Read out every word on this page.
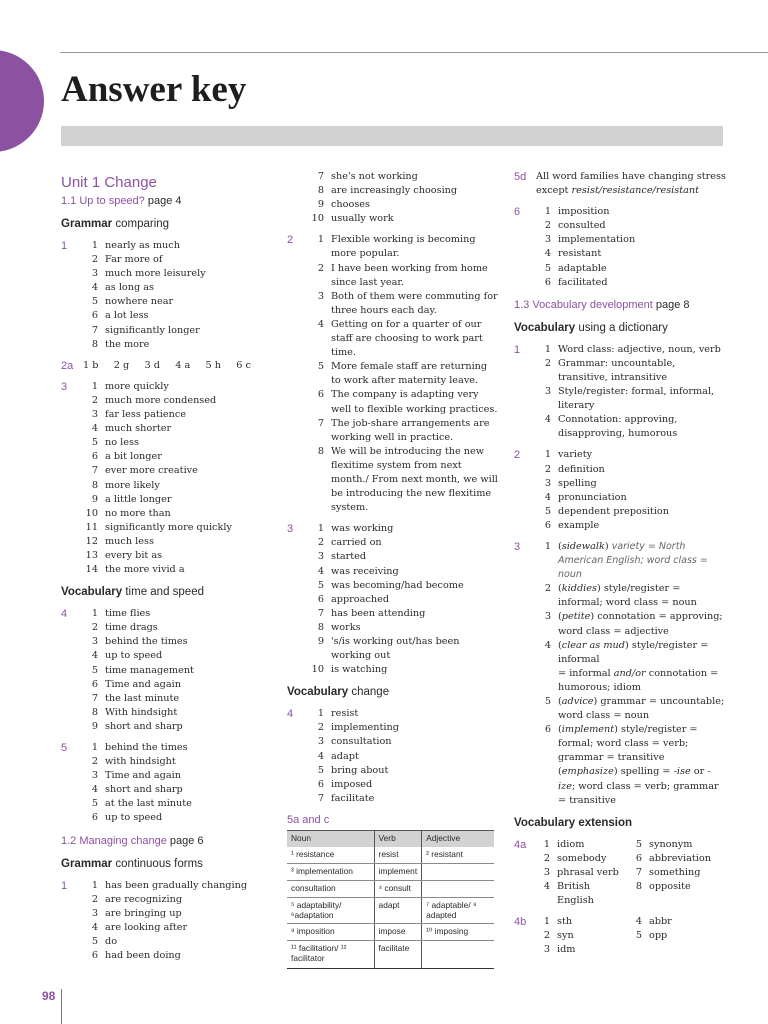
Answer key
Unit 1 Change
1.1 Up to speed? page 4
Grammar comparing
1	1 nearly as much
2 Far more of
3 much more leisurely
4 as long as
5 nowhere near
6 a lot less
7 significantly longer
8 the more
2a	1 b 2 g 3 d 4 a 5 h 6 c
3	1 more quickly
2 much more condensed
3 far less patience
4 much shorter
5 no less
6 a bit longer
7 ever more creative
8 more likely
9 a little longer
10 no more than
11 significantly more quickly
12 much less
13 every bit as
14 the more vivid a
Vocabulary time and speed
4	1 time flies
2 time drags
3 behind the times
4 up to speed
5 time management
6 Time and again
7 the last minute
8 With hindsight
9 short and sharp
5	1 behind the times
2 with hindsight
3 Time and again
4 short and sharp
5 at the last minute
6 up to speed
1.2 Managing change page 6
Grammar continuous forms
1	1 has been gradually changing
2 are recognizing
3 are bringing up
4 are looking after
5 do
6 had been doing
7 she's not working
8 are increasingly choosing
9 chooses
10 usually work
2	1 Flexible working is becoming more popular.
2 I have been working from home since last year.
3 Both of them were commuting for three hours each day.
4 Getting on for a quarter of our staff are choosing to work part time.
5 More female staff are returning to work after maternity leave.
6 The company is adapting very well to flexible working practices.
7 The job-share arrangements are working well in practice.
8 We will be introducing the new flexitime system from next month./ From next month, we will be introducing the new flexitime system.
3	1 was working
2 carried on
3 started
4 was receiving
5 was becoming/had become
6 approached
7 has been attending
8 works
9 's/is working out/has been working out
10 is watching
Vocabulary change
4	1 resist
2 implementing
3 consultation
4 adapt
5 bring about
6 imposed
7 facilitate
5a and c
Noun	Verb	Adjective
¹ resistance	resist	² resistant
³ implementation	implement	
consultation	⁴ consult	
⁵ adaptability/ ⁶adaptation	adapt	⁷ adaptable/ ⁸ adapted
⁹ imposition	impose	¹⁰ imposing
¹¹ facilitation/ ¹² facilitator	facilitate	
5d	All word families have changing stress except resist/resistance/resistant
6	1 imposition
2 consulted
3 implementation
4 resistant
5 adaptable
6 facilitated
1.3 Vocabulary development page 8
Vocabulary using a dictionary
1	1 Word class: adjective, noun, verb
2 Grammar: uncountable, transitive, intransitive
3 Style/register: formal, informal, literary
4 Connotation: approving, disapproving, humorous
2	1 variety
2 definition
3 spelling
4 pronunciation
5 dependent preposition
6 example
3	1 (sidewalk) variety = North American English; word class = noun
2 (kiddies) style/register = informal; word class = noun
3 (petite) connotation = approving; word class = adjective
4 (clear as mud) style/register = informal
= informal and/or connotation = humorous; idiom
5 (advice) grammar = uncountable; word class = noun
6 (implement) style/register = formal; word class = verb; grammar = transitive
(emphasize) spelling = -ise or -ize; word class = verb; grammar = transitive
Vocabulary extension
4a	1 idiom	5 synonym
2 somebody	6 abbreviation
3 phrasal verb	7 something
4 British English
8 opposite
4b	1 sth	4 abbr
2 syn	5 opp
3 idm
98
